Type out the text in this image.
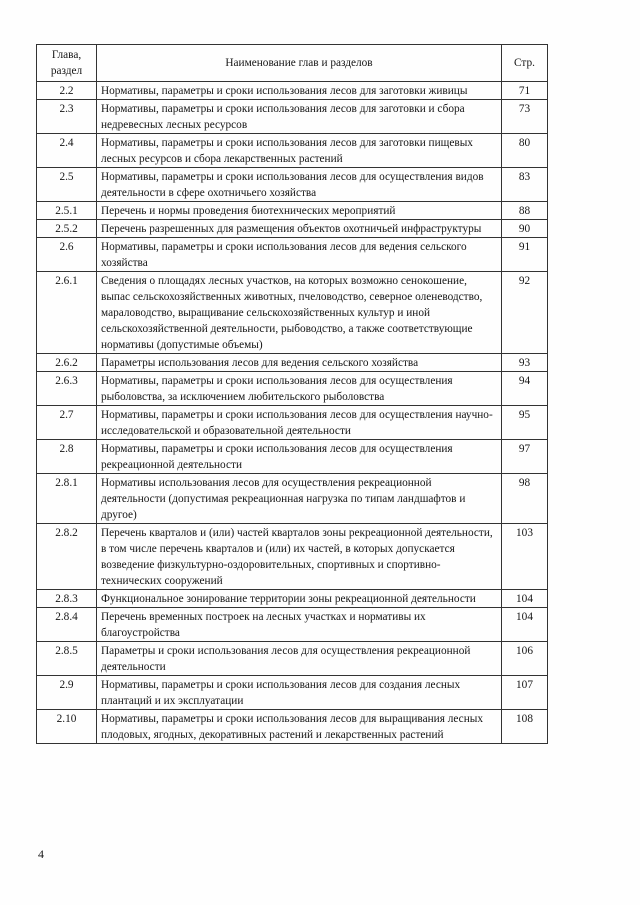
Глава, раздел	Наименование глав и разделов	Стр.
2.2	Нормативы, параметры и сроки использования лесов для заготовки живицы	71
2.3	Нормативы, параметры и сроки использования лесов для заготовки и сбора недревесных лесных ресурсов	73
2.4	Нормативы, параметры и сроки использования лесов для заготовки пищевых лесных ресурсов и сбора лекарственных растений	80
2.5	Нормативы, параметры и сроки использования лесов для осуществления видов деятельности в сфере охотничьего хозяйства	83
2.5.1	Перечень и нормы проведения биотехнических мероприятий	88
2.5.2	Перечень разрешенных для размещения объектов охотничьей инфраструктуры	90
2.6	Нормативы, параметры и сроки использования лесов для ведения сельского хозяйства	91
2.6.1	Сведения о площадях лесных участков, на которых возможно сенокошение, выпас сельскохозяйственных животных, пчеловодство, северное оленеводство, мараловодство, выращивание сельскохозяйственных культур и иной сельскохозяйственной деятельности, рыбоводство, а также соответствующие нормативы (допустимые объемы)	92
2.6.2	Параметры использования лесов для ведения сельского хозяйства	93
2.6.3	Нормативы, параметры и сроки использования лесов для осуществления рыболовства, за исключением любительского рыболовства	94
2.7	Нормативы, параметры и сроки использования лесов для осуществления научно-исследовательской и образовательной деятельности	95
2.8	Нормативы, параметры и сроки использования лесов для осуществления рекреационной деятельности	97
2.8.1	Нормативы использования лесов для осуществления рекреационной деятельности (допустимая рекреационная нагрузка по типам ландшафтов и другое)	98
2.8.2	Перечень кварталов и (или) частей кварталов зоны рекреационной деятельности, в том числе перечень кварталов и (или) их частей, в которых допускается возведение физкультурно-оздоровительных, спортивных и спортивно-технических сооружений	103
2.8.3	Функциональное зонирование территории зоны рекреационной деятельности	104
2.8.4	Перечень временных построек на лесных участках и нормативы их благоустройства	104
2.8.5	Параметры и сроки использования лесов для осуществления рекреационной деятельности	106
2.9	Нормативы, параметры и сроки использования лесов для создания лесных плантаций и их эксплуатации	107
2.10	Нормативы, параметры и сроки использования лесов для выращивания лесных плодовых, ягодных, декоративных растений и лекарственных растений	108
4
